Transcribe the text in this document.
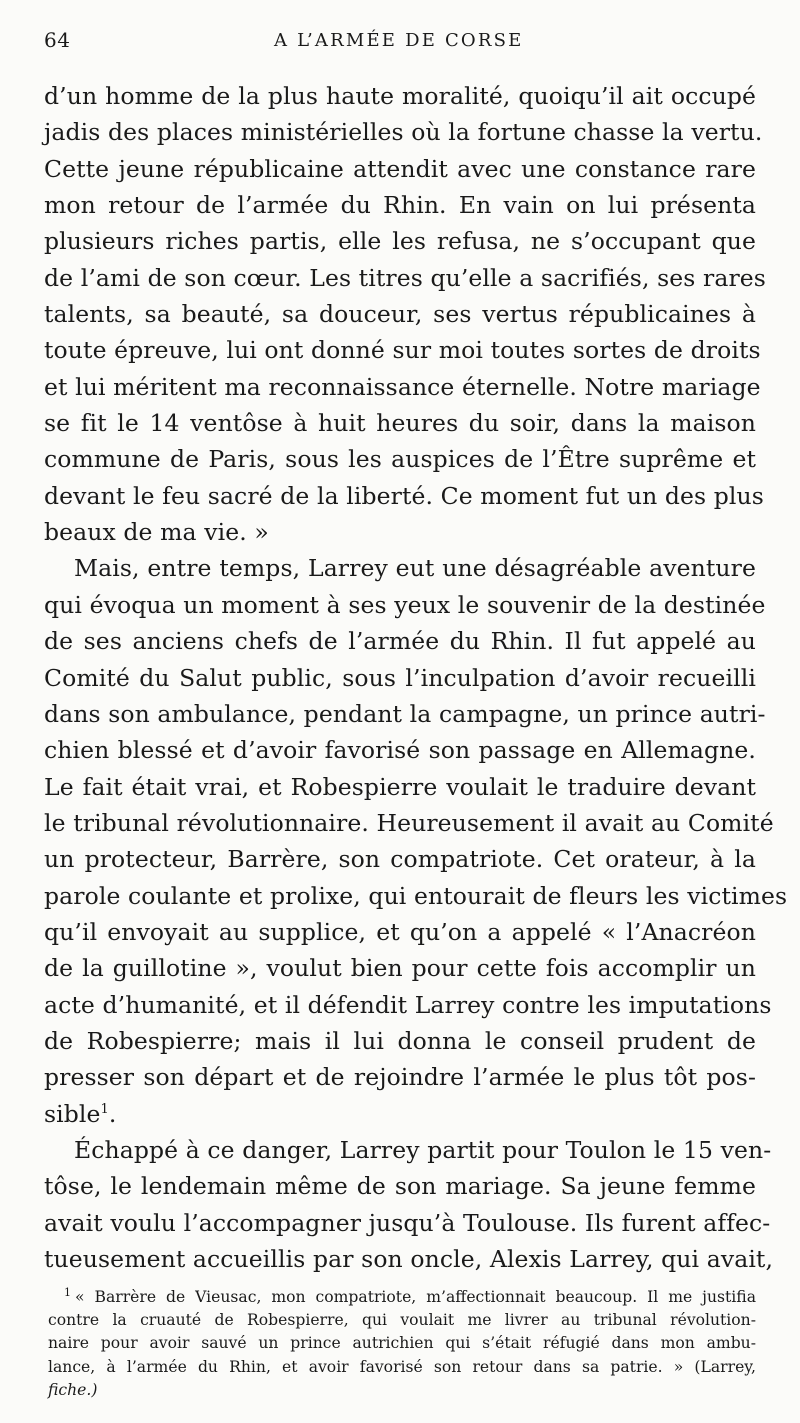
64	A L’ARMÉE DE CORSE
d’un homme de la plus haute moralité, quoiqu’il ait occupé
jadis des places ministérielles où la fortune chasse la vertu.
Cette jeune républicaine attendit avec une constance rare
mon retour de l’armée du Rhin. En vain on lui présenta
plusieurs riches partis, elle les refusa, ne s’occupant que
de l’ami de son cœur. Les titres qu’elle a sacrifiés, ses rares
talents, sa beauté, sa douceur, ses vertus républicaines à
toute épreuve, lui ont donné sur moi toutes sortes de droits
et lui méritent ma reconnaissance éternelle. Notre mariage
se fit le 14 ventôse à huit heures du soir, dans la maison
commune de Paris, sous les auspices de l’Être suprême et
devant le feu sacré de la liberté. Ce moment fut un des plus
beaux de ma vie. »
Mais, entre temps, Larrey eut une désagréable aventure
qui évoqua un moment à ses yeux le souvenir de la destinée
de ses anciens chefs de l’armée du Rhin. Il fut appelé au
Comité du Salut public, sous l’inculpation d’avoir recueilli
dans son ambulance, pendant la campagne, un prince autri-
chien blessé et d’avoir favorisé son passage en Allemagne.
Le fait était vrai, et Robespierre voulait le traduire devant
le tribunal révolutionnaire. Heureusement il avait au Comité
un protecteur, Barrère, son compatriote. Cet orateur, à la
parole coulante et prolixe, qui entourait de fleurs les victimes
qu’il envoyait au supplice, et qu’on a appelé « l’Anacréon
de la guillotine », voulut bien pour cette fois accomplir un
acte d’humanité, et il défendit Larrey contre les imputations
de Robespierre; mais il lui donna le conseil prudent de
presser son départ et de rejoindre l’armée le plus tôt pos-
sible$^1$.
Échappé à ce danger, Larrey partit pour Toulon le 15 ven-
tôse, le lendemain même de son mariage. Sa jeune femme
avait voulu l’accompagner jusqu’à Toulouse. Ils furent affec-
tueusement accueillis par son oncle, Alexis Larrey, qui avait,
$^1$ « Barrère de Vieusac, mon compatriote, m’affectionnait beaucoup. Il me justifia
contre la cruauté de Robespierre, qui voulait me livrer au tribunal révolution-
naire pour avoir sauvé un prince autrichien qui s’était réfugié dans mon ambu-
lance, à l’armée du Rhin, et avoir favorisé son retour dans sa patrie. » (Larrey,
fiche.)
